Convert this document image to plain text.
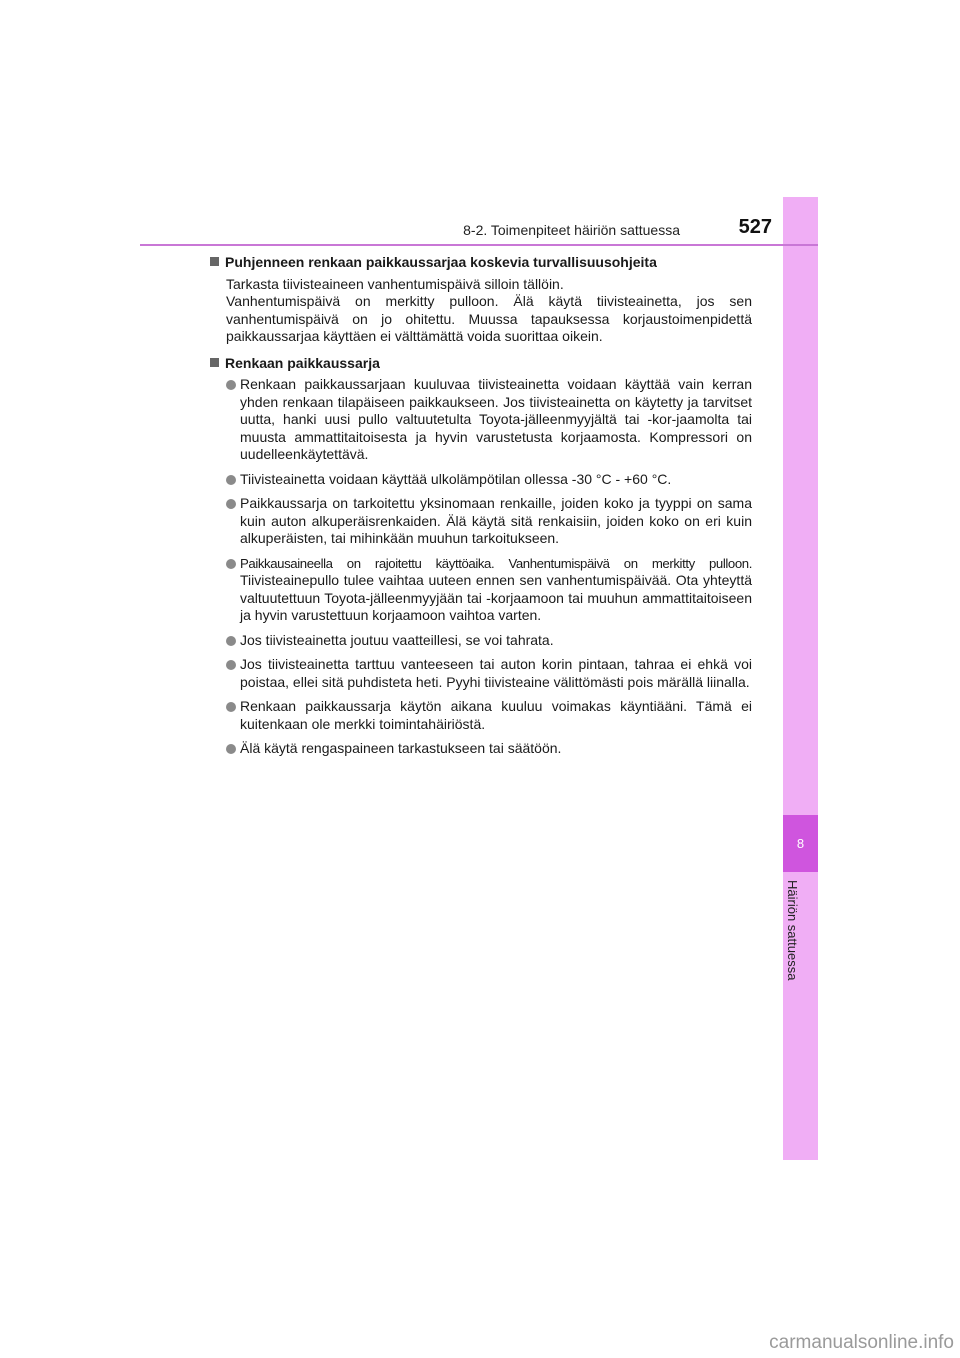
8
Häiriön sattuessa
8-2. Toimenpiteet häiriön sattuessa	527
Puhjenneen renkaan paikkaussarjaa koskevia turvallisuusohjeita

Tarkasta tiivisteaineen vanhentumispäivä silloin tällöin.
Vanhentumispäivä on merkitty pulloon. Älä käytä tiivisteainetta, jos sen vanhentumispäivä on jo ohitettu. Muussa tapauksessa korjaustoimenpidettä paikkaussarjaa käyttäen ei välttämättä voida suorittaa oikein.

Renkaan paikkaussarja
Renkaan paikkaussarjaan kuuluvaa tiivisteainetta voidaan käyttää vain kerran yhden renkaan tilapäiseen paikkaukseen. Jos tiivisteainetta on käytetty ja tarvitset uutta, hanki uusi pullo valtuutetulta Toyota-jälleenmyyjältä tai -kor-jaamolta tai muusta ammattitaitoisesta ja hyvin varustetusta korjaamosta. Kompressori on uudelleenkäytettävä.
Tiivisteainetta voidaan käyttää ulkolämpötilan ollessa -30 °C - +60 °C.
Paikkaussarja on tarkoitettu yksinomaan renkaille, joiden koko ja tyyppi on sama kuin auton alkuperäisrenkaiden. Älä käytä sitä renkaisiin, joiden koko on eri kuin alkuperäisten, tai mihinkään muuhun tarkoitukseen.
Paikkausaineella on rajoitettu käyttöaika. Vanhentumispäivä on merkitty pulloon. Tiivisteainepullo tulee vaihtaa uuteen ennen sen vanhentumispäivää. Ota yhteyttä valtuutettuun Toyota-jälleenmyyjään tai -korjaamoon tai muuhun ammattitaitoiseen ja hyvin varustettuun korjaamoon vaihtoa varten.
Jos tiivisteainetta joutuu vaatteillesi, se voi tahrata.
Jos tiivisteainetta tarttuu vanteeseen tai auton korin pintaan, tahraa ei ehkä voi poistaa, ellei sitä puhdisteta heti. Pyyhi tiivisteaine välittömästi pois märällä liinalla.
Renkaan paikkaussarja käytön aikana kuuluu voimakas käyntiääni. Tämä ei kuitenkaan ole merkki toimintahäiriöstä.
Älä käytä rengaspaineen tarkastukseen tai säätöön.
carmanualsonline.info
